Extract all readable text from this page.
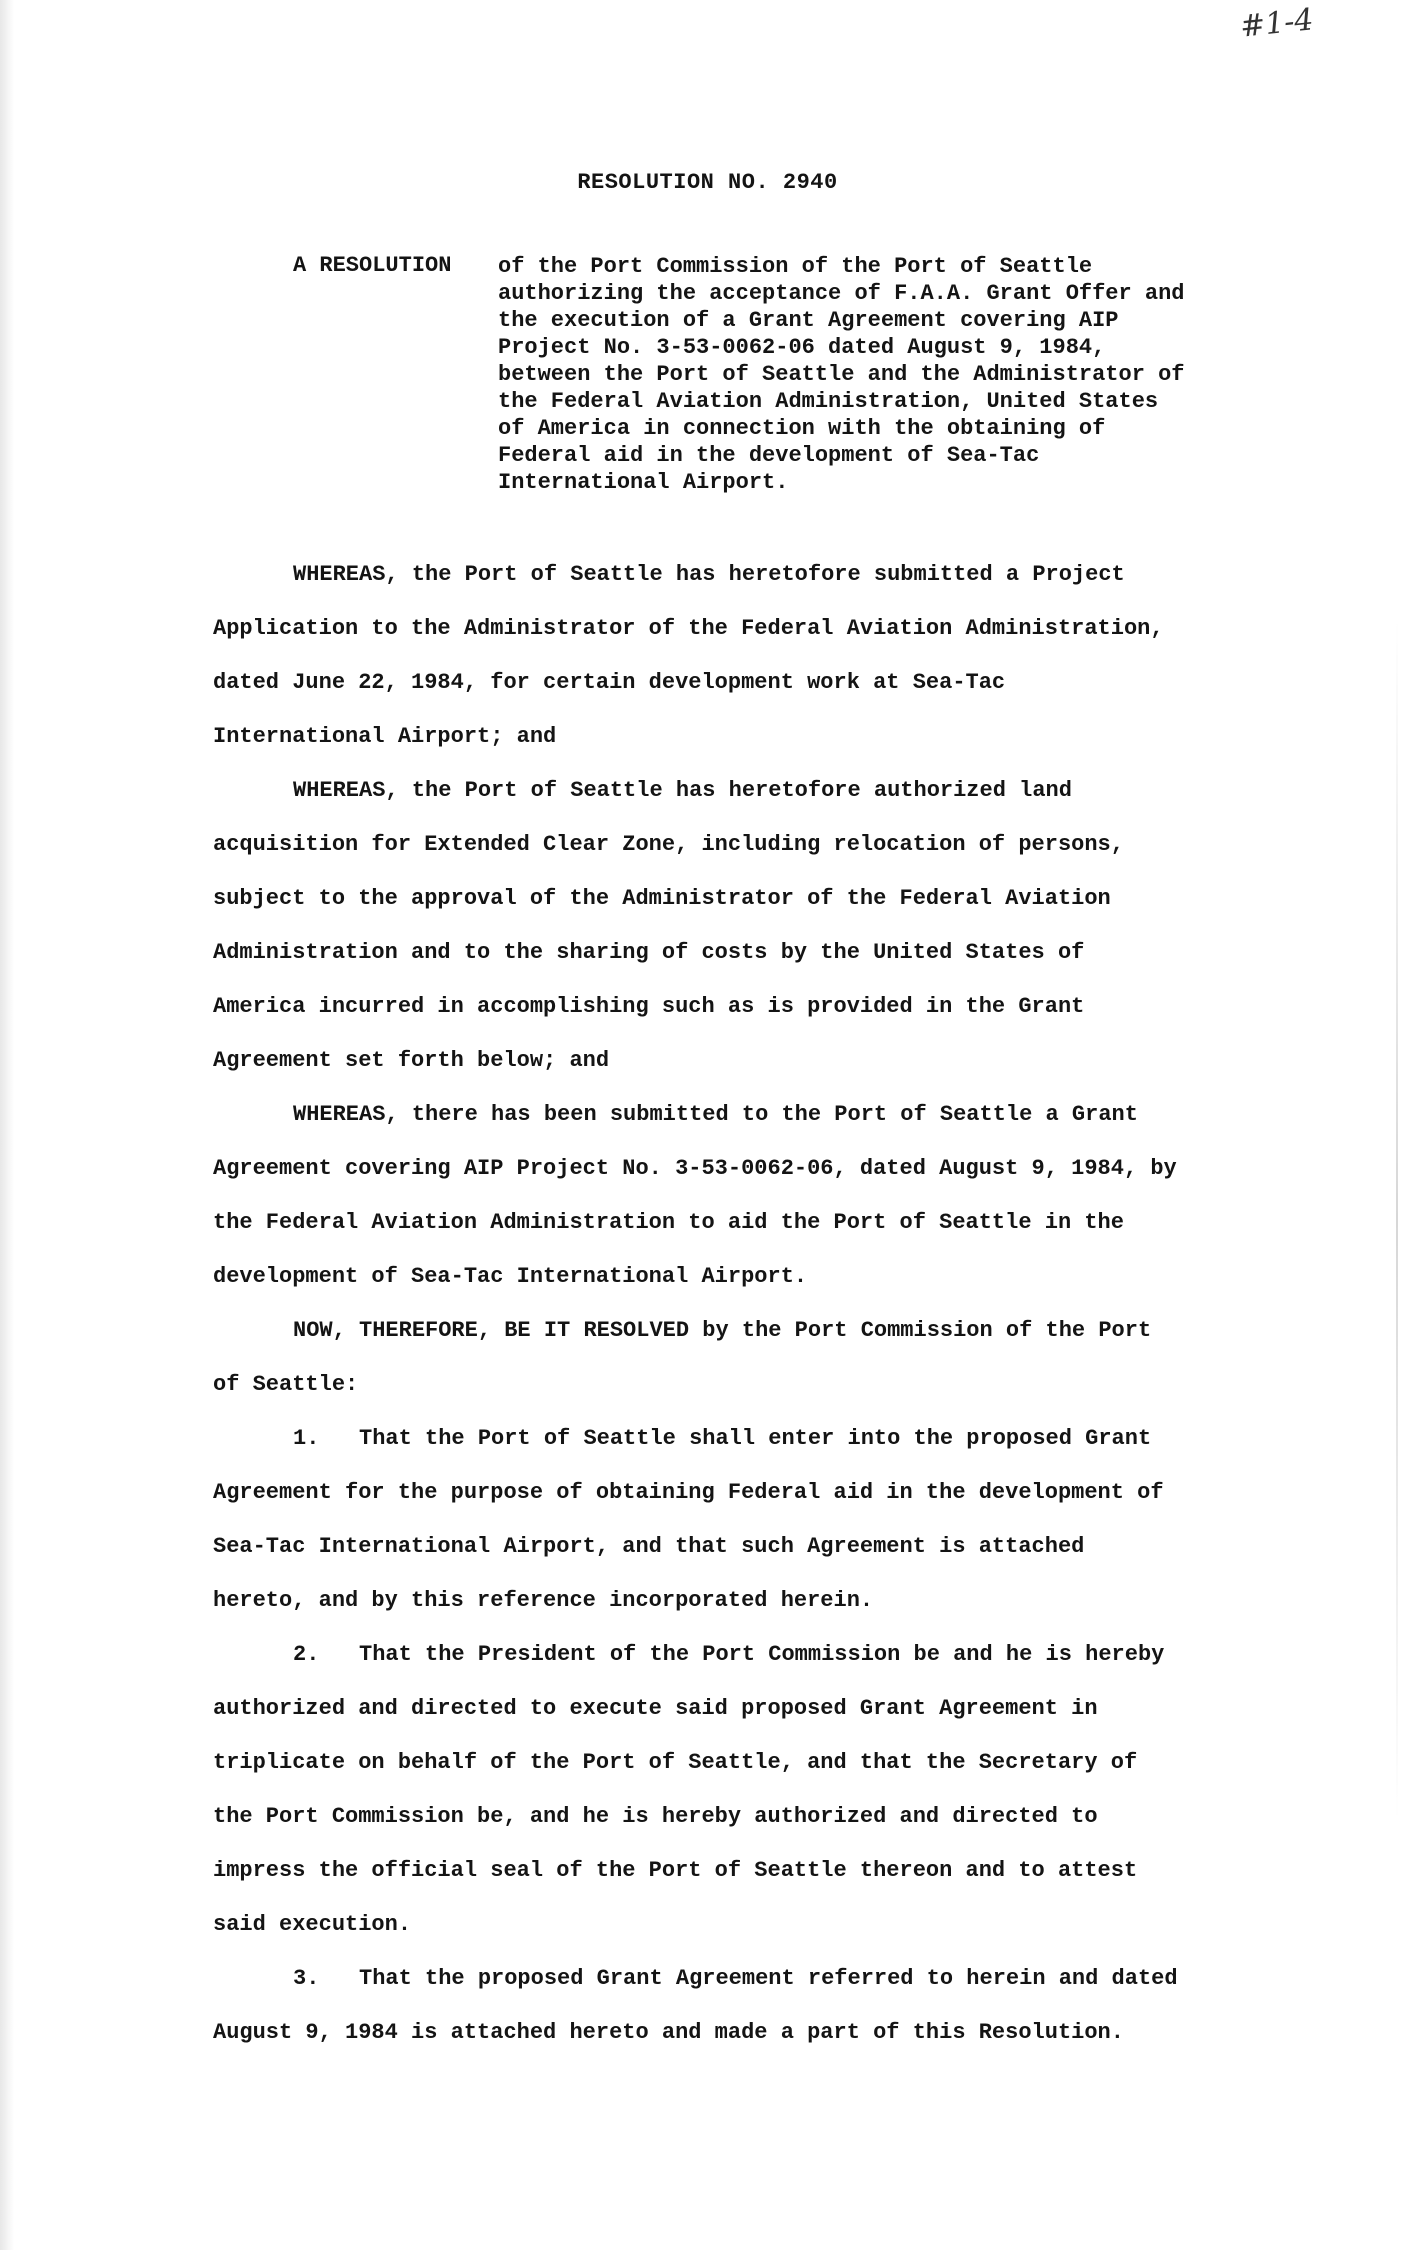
#1-4
RESOLUTION NO. 2940
A RESOLUTION of the Port Commission of the Port of Seattle
authorizing the acceptance of F.A.A. Grant Offer and
the execution of a Grant Agreement covering AIP
Project No. 3-53-0062-06 dated August 9, 1984,
between the Port of Seattle and the Administrator of
the Federal Aviation Administration, United States
of America in connection with the obtaining of
Federal aid in the development of Sea-Tac
International Airport.
WHEREAS, the Port of Seattle has heretofore submitted a Project
Application to the Administrator of the Federal Aviation Administration,
dated June 22, 1984, for certain development work at Sea-Tac
International Airport; and
WHEREAS, the Port of Seattle has heretofore authorized land
acquisition for Extended Clear Zone, including relocation of persons,
subject to the approval of the Administrator of the Federal Aviation
Administration and to the sharing of costs by the United States of
America incurred in accomplishing such as is provided in the Grant
Agreement set forth below; and
WHEREAS, there has been submitted to the Port of Seattle a Grant
Agreement covering AIP Project No. 3-53-0062-06, dated August 9, 1984, by
the Federal Aviation Administration to aid the Port of Seattle in the
development of Sea-Tac International Airport.
NOW, THEREFORE, BE IT RESOLVED by the Port Commission of the Port
of Seattle:
1.   That the Port of Seattle shall enter into the proposed Grant
Agreement for the purpose of obtaining Federal aid in the development of
Sea-Tac International Airport, and that such Agreement is attached
hereto, and by this reference incorporated herein.
2.   That the President of the Port Commission be and he is hereby
authorized and directed to execute said proposed Grant Agreement in
triplicate on behalf of the Port of Seattle, and that the Secretary of
the Port Commission be, and he is hereby authorized and directed to
impress the official seal of the Port of Seattle thereon and to attest
said execution.
3.   That the proposed Grant Agreement referred to herein and dated
August 9, 1984 is attached hereto and made a part of this Resolution.
